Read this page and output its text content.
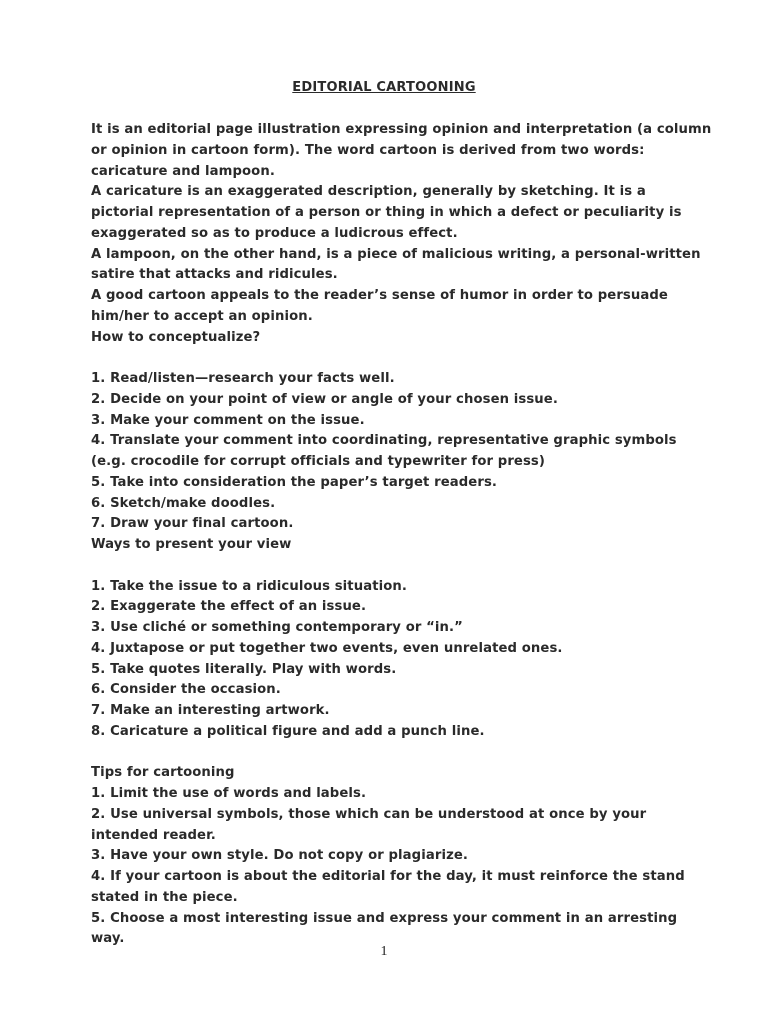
EDITORIAL CARTOONING
It is an editorial page illustration expressing opinion and interpretation (a column
or opinion in cartoon form). The word cartoon is derived from two words:
caricature and lampoon.
A caricature is an exaggerated description, generally by sketching. It is a
pictorial representation of a person or thing in which a defect or peculiarity is
exaggerated so as to produce a ludicrous effect.
A lampoon, on the other hand, is a piece of malicious writing, a personal-written
satire that attacks and ridicules.
A good cartoon appeals to the reader’s sense of humor in order to persuade
him/her to accept an opinion.
How to conceptualize?
1. Read/listen—research your facts well.
2. Decide on your point of view or angle of your chosen issue.
3. Make your comment on the issue.
4. Translate your comment into coordinating, representative graphic symbols
(e.g. crocodile for corrupt officials and typewriter for press)
5. Take into consideration the paper’s target readers.
6. Sketch/make doodles.
7. Draw your final cartoon.
Ways to present your view
1. Take the issue to a ridiculous situation.
2. Exaggerate the effect of an issue.
3. Use cliché or something contemporary or “in.”
4. Juxtapose or put together two events, even unrelated ones.
5. Take quotes literally. Play with words.
6. Consider the occasion.
7. Make an interesting artwork.
8. Caricature a political figure and add a punch line.
Tips for cartooning
1. Limit the use of words and labels.
2. Use universal symbols, those which can be understood at once by your
intended reader.
3. Have your own style. Do not copy or plagiarize.
4. If your cartoon is about the editorial for the day, it must reinforce the stand
stated in the piece.
5. Choose a most interesting issue and express your comment in an arresting
way.
1
